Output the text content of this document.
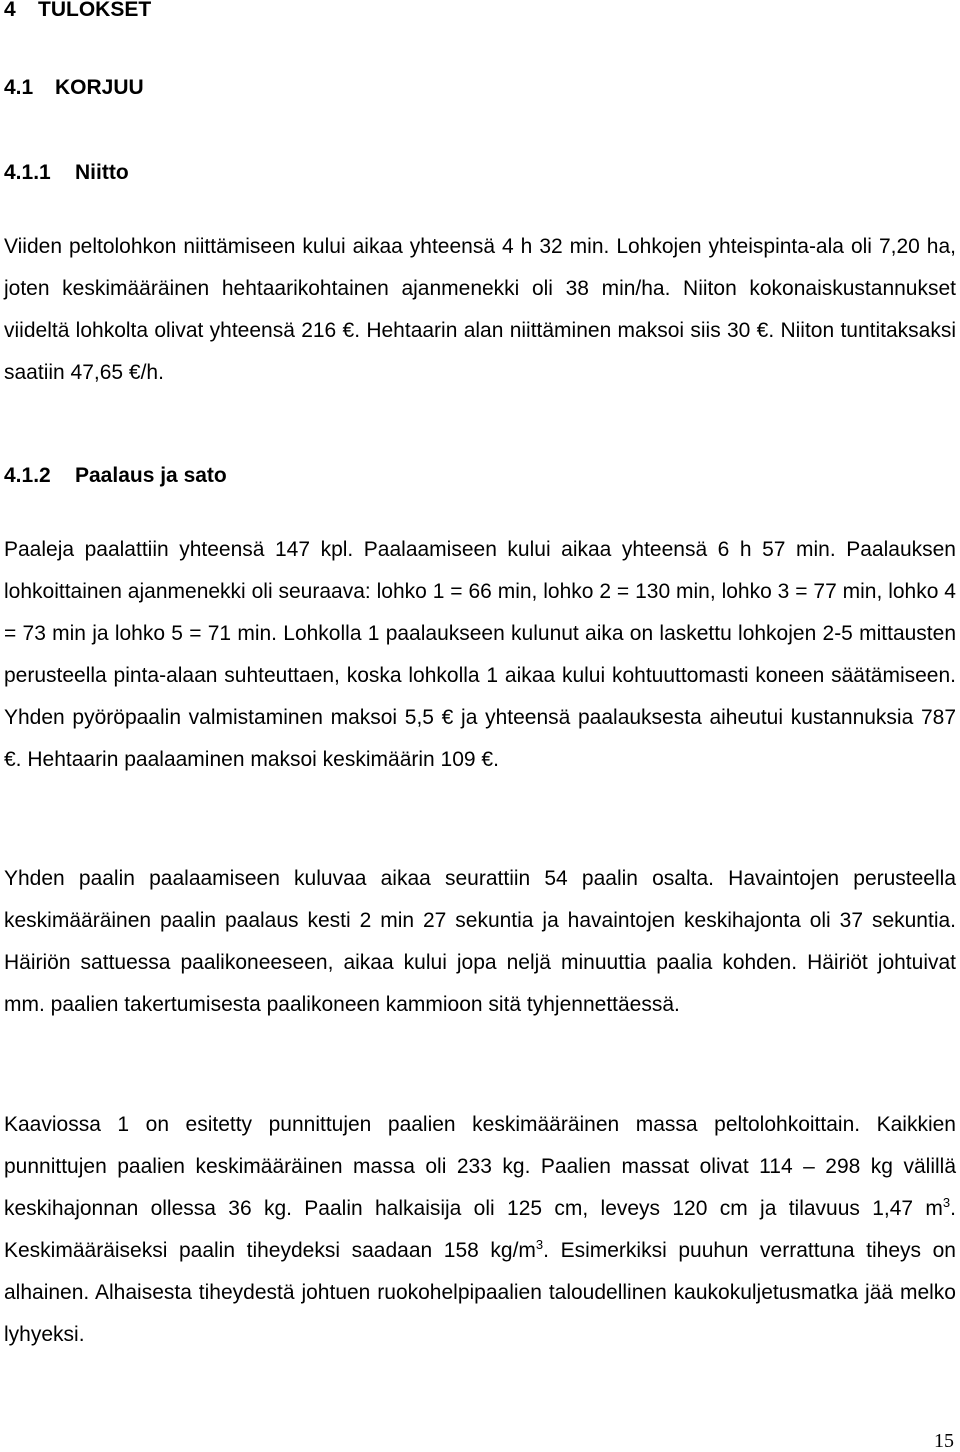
4 TULOKSET
4.1 KORJUU
4.1.1 Niitto

Viiden peltolohkon niittämiseen kului aikaa yhteensä 4 h 32 min. Lohkojen yhteispinta-ala oli 7,20 ha, joten keskimääräinen hehtaarikohtainen ajanmenekki oli 38 min/ha. Niiton kokonaiskustannukset viideltä lohkolta olivat yhteensä 216 €. Hehtaarin alan niittäminen maksoi siis 30 €. Niiton tuntitaksaksi saatiin 47,65 €/h.

4.1.2 Paalaus ja sato

Paaleja paalattiin yhteensä 147 kpl. Paalaamiseen kului aikaa yhteensä 6 h 57 min. Paalauksen lohkoittainen ajanmenekki oli seuraava: lohko 1 = 66 min, lohko 2 = 130 min, lohko 3 = 77 min, lohko 4 = 73 min ja lohko 5 = 71 min. Lohkolla 1 paalaukseen kulunut aika on laskettu lohkojen 2-5 mittausten perusteella pinta-alaan suhteuttaen, koska lohkolla 1 aikaa kului kohtuuttomasti koneen säätämiseen. Yhden pyöröpaalin valmistaminen maksoi 5,5 € ja yhteensä paalauksesta aiheutui kustannuksia 787 €. Hehtaarin paalaaminen maksoi keskimäärin 109 €.

Yhden paalin paalaamiseen kuluvaa aikaa seurattiin 54 paalin osalta. Havaintojen perusteella keskimääräinen paalin paalaus kesti 2 min 27 sekuntia ja havaintojen keskihajonta oli 37 sekuntia. Häiriön sattuessa paalikoneeseen, aikaa kului jopa neljä minuuttia paalia kohden. Häiriöt johtuivat mm. paalien takertumisesta paalikoneen kammioon sitä tyhjennettäessä.

Kaaviossa 1 on esitetty punnittujen paalien keskimääräinen massa peltolohkoittain. Kaikkien punnittujen paalien keskimääräinen massa oli 233 kg. Paalien massat olivat 114 – 298 kg välillä keskihajonnan ollessa 36 kg. Paalin halkaisija oli 125 cm, leveys 120 cm ja tilavuus 1,47 $m^3$. Keskimääräiseksi paalin tiheydeksi saadaan 158 $kg/m^3$. Esimerkiksi puuhun verrattuna tiheys on alhainen. Alhaisesta tiheydestä johtuen ruokohelpipaalien taloudellinen kaukokuljetusmatka jää melko lyhyeksi.

15
